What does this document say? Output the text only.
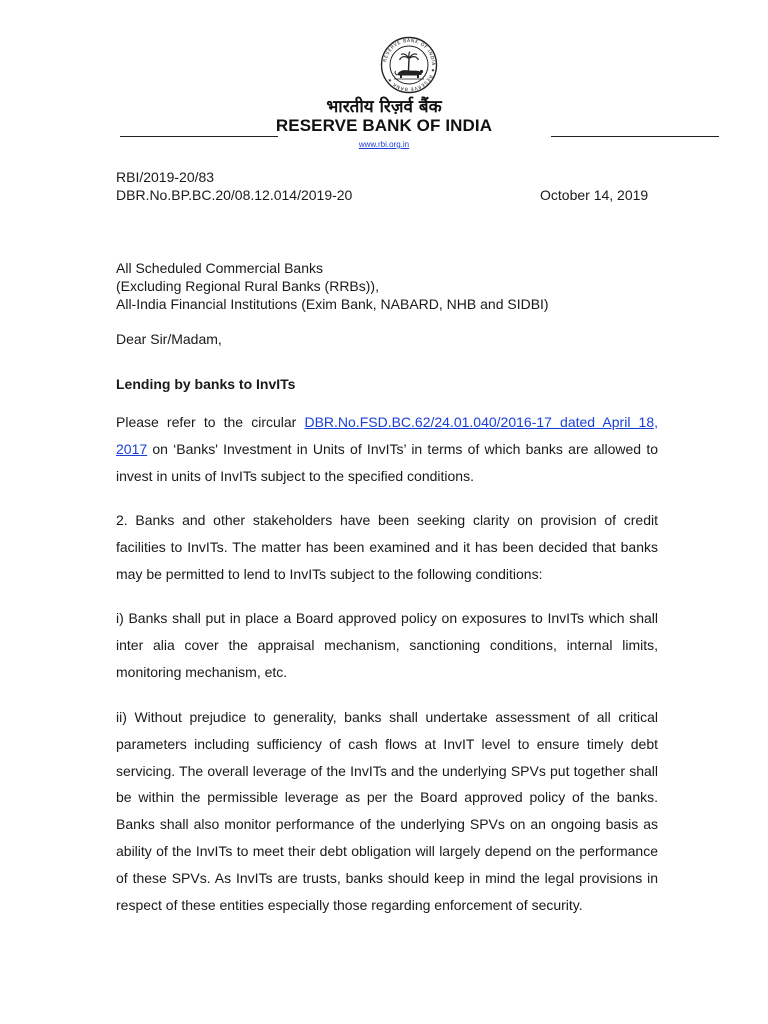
RESERVE BANK OF INDIA ★ RESERVE BANK ★
भारतीय रिज़र्व बैंक
RESERVE BANK OF INDIA
www.rbi.org.in
RBI/2019-20/83
DBR.No.BP.BC.20/08.12.014/2019-20	October 14, 2019
All Scheduled Commercial Banks
(Excluding Regional Rural Banks (RRBs)),
All-India Financial Institutions (Exim Bank, NABARD, NHB and SIDBI)
Dear Sir/Madam,
Lending by banks to InvITs
Please refer to the circular DBR.No.FSD.BC.62/24.01.040/2016-17 dated April 18, 2017 on ‘Banks' Investment in Units of InvITs’ in terms of which banks are allowed to invest in units of InvITs subject to the specified conditions.
2. Banks and other stakeholders have been seeking clarity on provision of credit facilities to InvITs. The matter has been examined and it has been decided that banks may be permitted to lend to InvITs subject to the following conditions:
i) Banks shall put in place a Board approved policy on exposures to InvITs which shall inter alia cover the appraisal mechanism, sanctioning conditions, internal limits, monitoring mechanism, etc.
ii) Without prejudice to generality, banks shall undertake assessment of all critical parameters including sufficiency of cash flows at InvIT level to ensure timely debt servicing. The overall leverage of the InvITs and the underlying SPVs put together shall be within the permissible leverage as per the Board approved policy of the banks. Banks shall also monitor performance of the underlying SPVs on an ongoing basis as ability of the InvITs to meet their debt obligation will largely depend on the performance of these SPVs. As InvITs are trusts, banks should keep in mind the legal provisions in respect of these entities especially those regarding enforcement of security.
